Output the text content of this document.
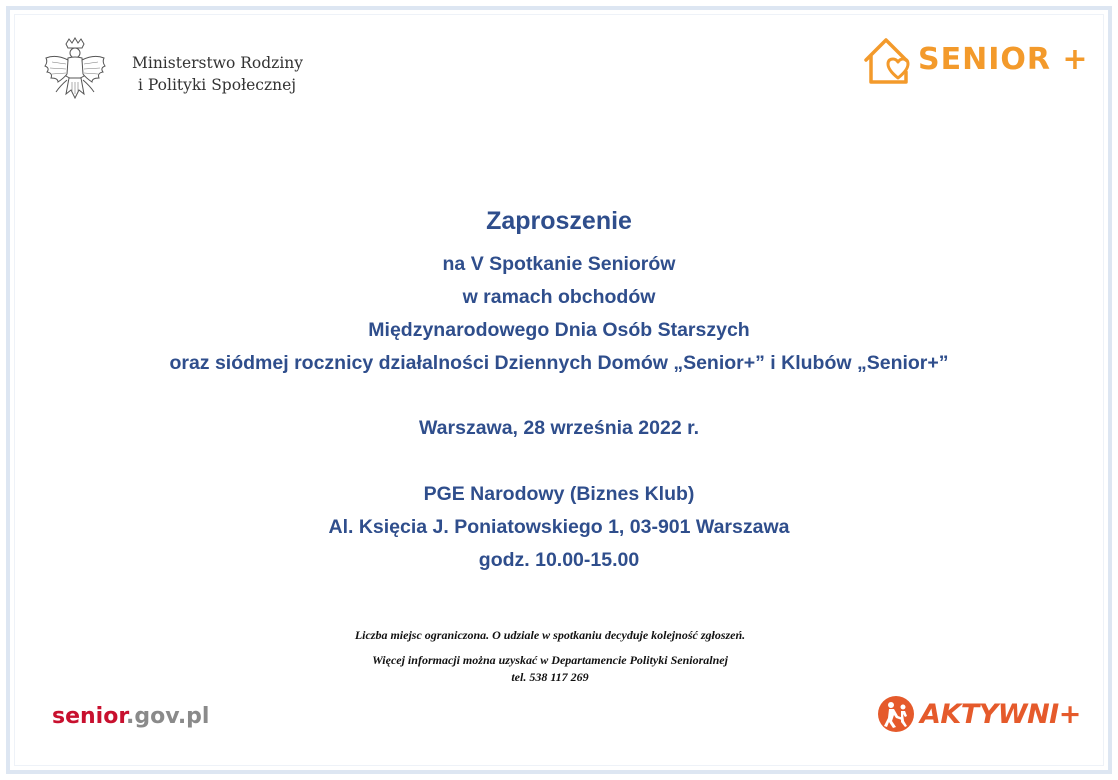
Ministerstwo Rodziny
i Polityki Społecznej
SENIOR +
Zaproszenie
na V Spotkanie Seniorów
w ramach obchodów
Międzynarodowego Dnia Osób Starszych
oraz siódmej rocznicy działalności Dziennych Domów „Senior+” i Klubów „Senior+”
Warszawa, 28 września 2022 r.
PGE Narodowy (Biznes Klub)
Al. Księcia J. Poniatowskiego 1, 03-901 Warszawa
godz. 10.00-15.00
Liczba miejsc ograniczona. O udziale w spotkaniu decyduje kolejność zgłoszeń.
Więcej informacji można uzyskać w Departamencie Polityki Senioralnej
tel. 538 117 269
senior.gov.pl	AKTYWNI+
